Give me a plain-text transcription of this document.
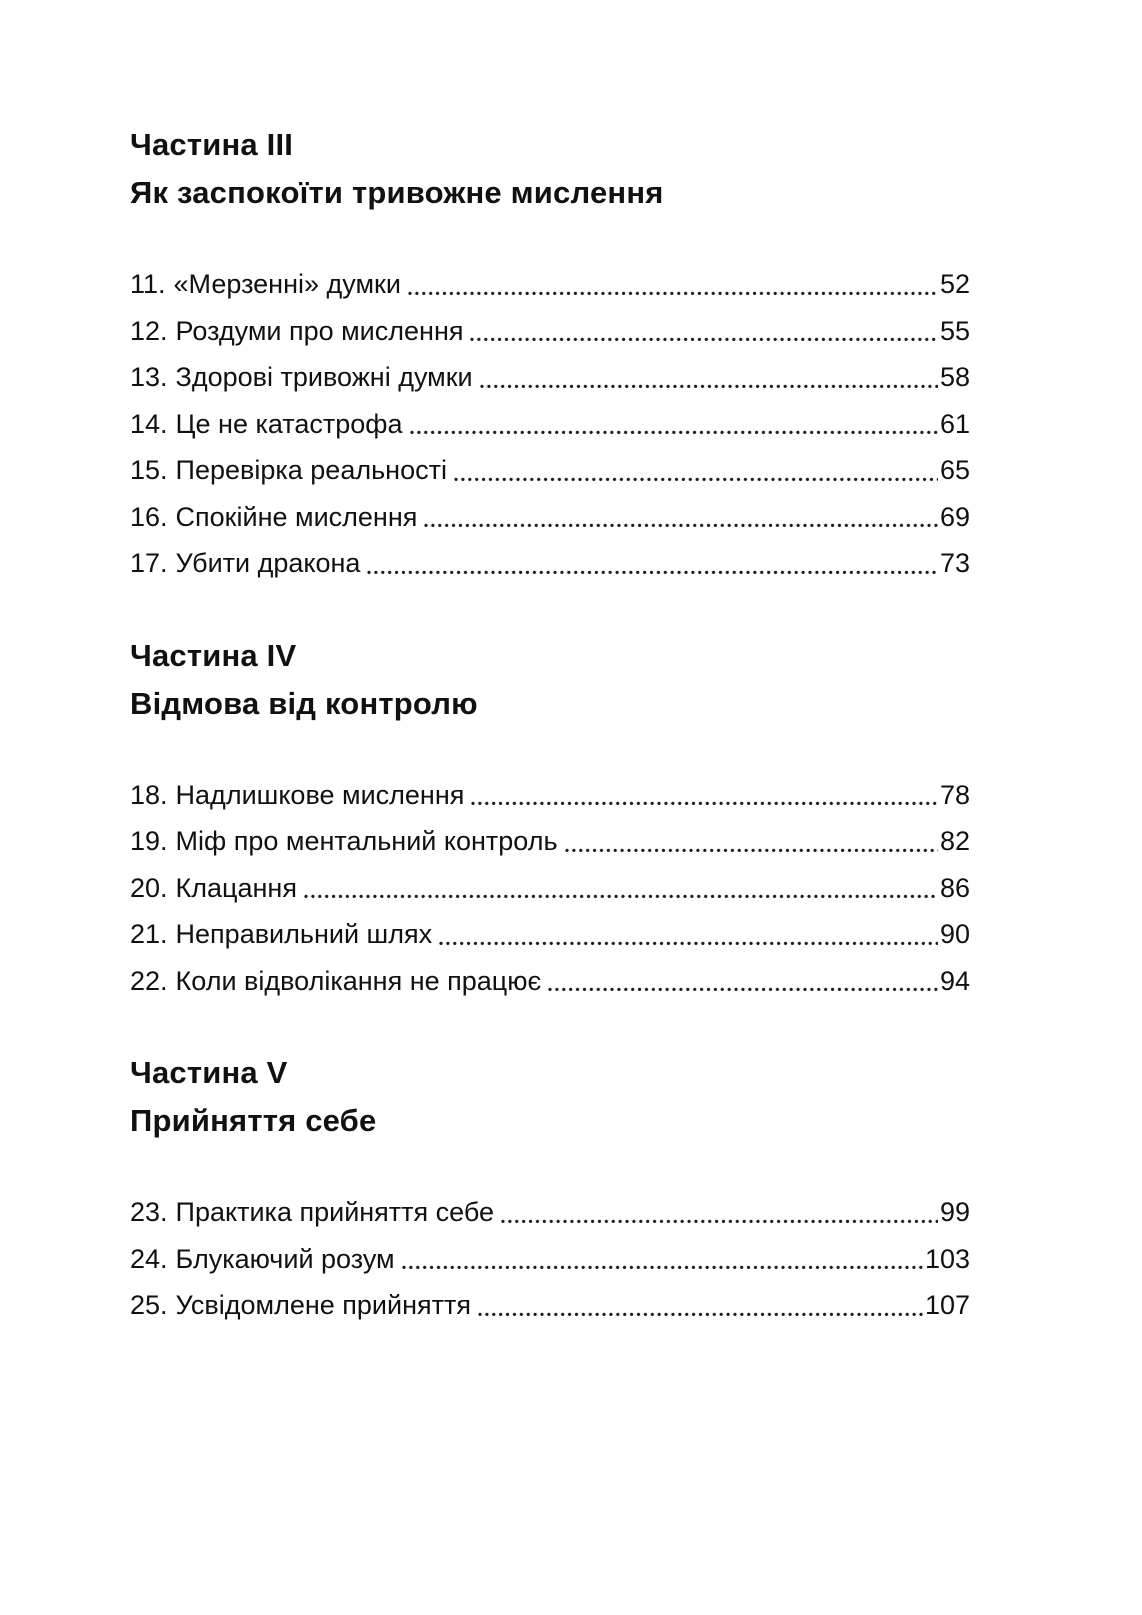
Частина III
Як заспокоїти тривожне мислення
11. «Мерзенні» думки	52
12. Роздуми про мислення	55
13. Здорові тривожні думки	58
14. Це не катастрофа	61
15. Перевірка реальності	65
16. Спокійне мислення	69
17. Убити дракона	73
Частина IV
Відмова від контролю
18. Надлишкове мислення	78
19. Міф про ментальний контроль	82
20. Клацання	86
21. Неправильний шлях	90
22. Коли відволікання не працює	94
Частина V
Прийняття себе
23. Практика прийняття себе	99
24. Блукаючий розум	103
25. Усвідомлене прийняття	107
